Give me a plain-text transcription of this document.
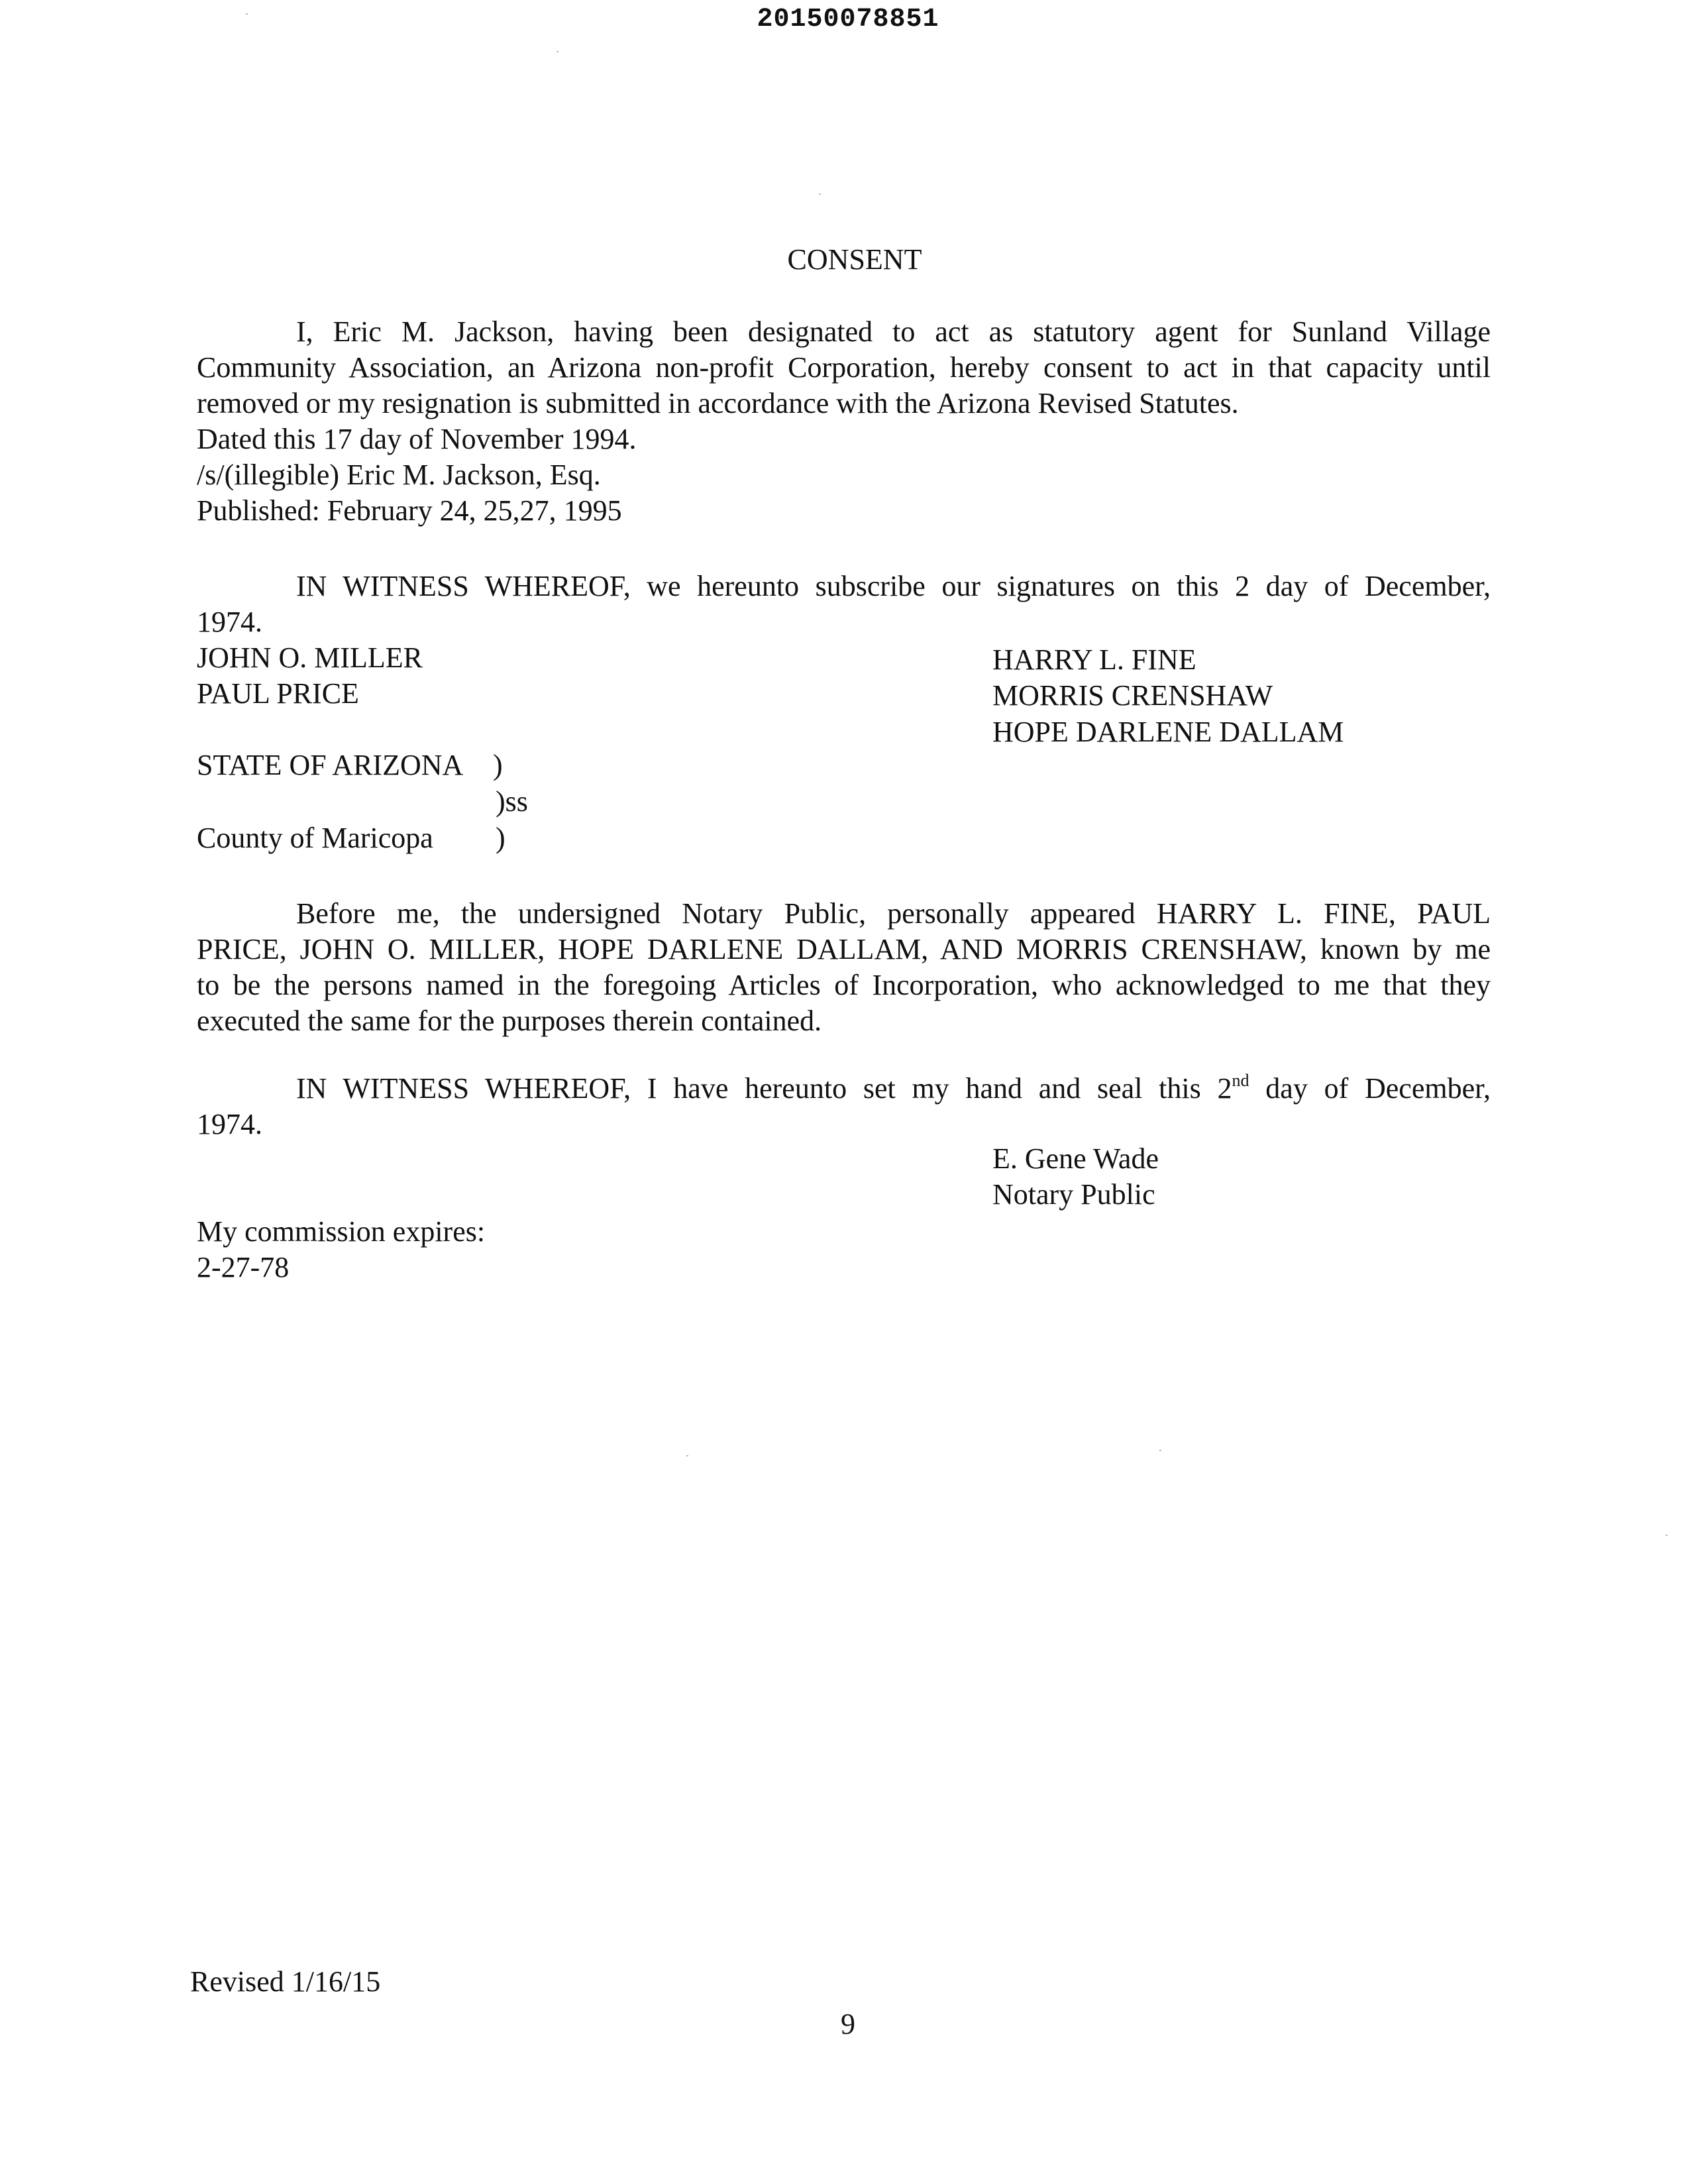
20150078851
CONSENT
I, Eric M. Jackson, having been designated to act as statutory agent for Sunland Village
Community Association, an Arizona non-profit Corporation, hereby consent to act in that capacity until
removed or my resignation is submitted in accordance with the Arizona Revised Statutes.
Dated this 17 day of November 1994.
/s/(illegible) Eric M. Jackson, Esq.
Published: February 24, 25,27, 1995
IN WITNESS WHEREOF, we hereunto subscribe our signatures on this 2 day of December,
1974.
JOHN O. MILLER
PAUL PRICE
HARRY L. FINE
MORRIS CRENSHAW
HOPE DARLENE DALLAM
STATE OF ARIZONA )
)ss
County of Maricopa )
Before me, the undersigned Notary Public, personally appeared HARRY L. FINE, PAUL
PRICE, JOHN O. MILLER, HOPE DARLENE DALLAM, AND MORRIS CRENSHAW, known by me
to be the persons named in the foregoing Articles of Incorporation, who acknowledged to me that they
executed the same for the purposes therein contained.
IN WITNESS WHEREOF, I have hereunto set my hand and seal this 2nd day of December,
1974.
E. Gene Wade
Notary Public
My commission expires:
2-27-78
Revised 1/16/15
9
